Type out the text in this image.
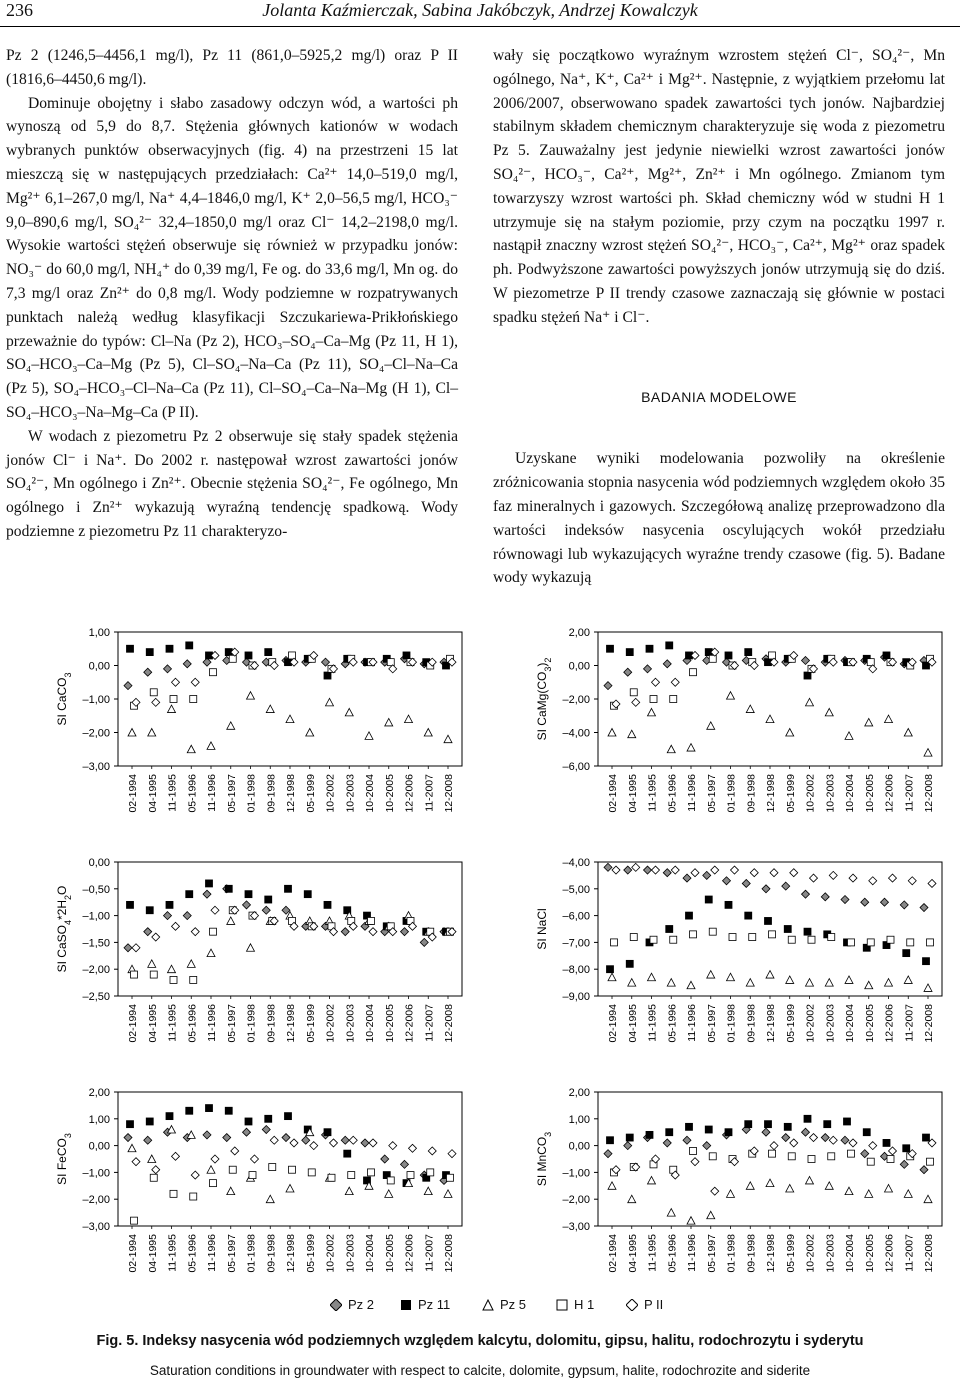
236	Jolanta Kaźmierczak, Sabina Jakóbczyk, Andrzej Kowalczyk

Pz 2 (1246,5–4456,1 mg/l), Pz 11 (861,0–5925,2 mg/l) oraz P II (1816,6–4450,6 mg/l).

Dominuje obojętny i słabo zasadowy odczyn wód, a wartości ph wynoszą od 5,9 do 8,7. Stężenia głównych kationów w wodach wybranych punktów obserwacyjnych (fig. 4) na przestrzeni 15 lat mieszczą się w następujących przedziałach: Ca²⁺ 14,0–519,0 mg/l, Mg²⁺ 6,1–267,0 mg/l, Na⁺ 4,4–1846,0 mg/l, K⁺ 2,0–56,5 mg/l, HCO₃⁻ 9,0–890,6 mg/l, SO₄²⁻ 32,4–1850,0 mg/l oraz Cl⁻ 14,2–2198,0 mg/l. Wysokie wartości stężeń obserwuje się również w przypadku jonów: NO₃⁻ do 60,0 mg/l, NH₄⁺ do 0,39 mg/l, Fe og. do 33,6 mg/l, Mn og. do 7,3 mg/l oraz Zn²⁺ do 0,8 mg/l. Wody podziemne w rozpatrywanych punktach należą według klasyfikacji Szczukariewa-Prikłońskiego przeważnie do typów: Cl–Na (Pz 2), HCO₃–SO₄–Ca–Mg (Pz 11, H 1), SO₄–HCO₃–Ca–Mg (Pz 5), Cl–SO₄–Na–Ca (Pz 11), SO₄–Cl–Na–Ca (Pz 5), SO₄–HCO₃–Cl–Na–Ca (Pz 11), Cl–SO₄–Ca–Na–Mg (H 1), Cl–SO₄–HCO₃–Na–Mg–Ca (P II).

W wodach z piezometru Pz 2 obserwuje się stały spadek stężenia jonów Cl⁻ i Na⁺. Do 2002 r. następował wzrost zawartości jonów SO₄²⁻, Mn ogólnego i Zn²⁺. Obecnie stężenia SO₄²⁻, Fe ogólnego, Mn ogólnego i Zn²⁺ wykazują wyraźną tendencję spadkową. Wody podziemne z piezometru Pz 11 charakteryzo-

wały się początkowo wyraźnym wzrostem stężeń Cl⁻, SO₄²⁻, Mn ogólnego, Na⁺, K⁺, Ca²⁺ i Mg²⁺. Następnie, z wyjątkiem przełomu lat 2006/2007, obserwowano spadek zawartości tych jonów. Najbardziej stabilnym składem chemicznym charakteryzuje się woda z piezometru Pz 5. Zauważalny jest jedynie niewielki wzrost zawartości jonów SO₄²⁻, HCO₃⁻, Ca²⁺, Mg²⁺, Zn²⁺ i Mn ogólnego. Zmianom tym towarzyszy wzrost wartości ph. Skład chemiczny wód w studni H 1 utrzymuje się na stałym poziomie, przy czym na początku 1997 r. nastąpił znaczny wzrost stężeń SO₄²⁻, HCO₃⁻, Ca²⁺, Mg²⁺ oraz spadek ph. Podwyższone zawartości powyższych jonów utrzymują się do dziś. W piezometrze P II trendy czasowe zaznaczają się głównie w postaci spadku stężeń Na⁺ i Cl⁻.

BADANIA MODELOWE

Uzyskane wyniki modelowania pozwoliły na określenie zróżnicowania stopnia nasycenia wód podziemnych względem około 35 faz mineralnych i gazowych. Szczegółową analizę przeprowadzono dla wartości indeksów nasycenia oscylujących wokół przedziału równowagi lub wykazujących wyraźne trendy czasowe (fig. 5). Badane wody wykazują

1,00
0,00
–1,00
–2,00
–3,00
SI CaCO$_3$
02-1994 04-1995 11-1995 05-1996 11-1996 05-1997 01-1998 09-1998 12-1998 05-1999 10-2002 10-2003 10-2004 10-2005 12-2006 11-2007 12-2008
2,00
0,00
–2,00
–4,00
–6,00
SI $CaMg(CO_3)_2$
02-1994 04-1995 11-1995 05-1996 11-1996 05-1997 01-1998 09-1998 12-1998 05-1999 10-2002 10-2003 10-2004 10-2005 12-2006 11-2007 12-2008
0,00
–0,50
–1,00
–1,50
–2,00
–2,50
SI $CaSO_4*2H_2O$
02-1994 04-1995 11-1995 05-1996 11-1996 05-1997 01-1998 09-1998 12-1998 05-1999 10-2002 10-2003 10-2004 10-2005 12-2006 11-2007 12-2008
–4,00
–5,00
–6,00
–7,00
–8,00
–9,00
SI NaCl
02-1994 04-1995 11-1995 05-1996 11-1996 05-1997 01-1998 09-1998 12-1998 05-1999 10-2002 10-2003 10-2004 10-2005 12-2006 11-2007 12-2008
2,00
1,00
0,00
–1,00
–2,00
–3,00
SI FeCO$_3$
02-1994 04-1995 11-1995 05-1996 11-1996 05-1997 01-1998 09-1998 12-1998 05-1999 10-2002 10-2003 10-2004 10-2005 12-2006 11-2007 12-2008
2,00
1,00
0,00
–1,00
–2,00
–3,00
SI MnCO$_3$
02-1994 04-1995 11-1995 05-1996 11-1996 05-1997 01-1998 09-1998 12-1998 05-1999 10-2002 10-2003 10-2004 10-2005 12-2006 11-2007 12-2008
Pz 2	Pz 11	Pz 5	H 1	P II
Fig. 5. Indeksy nasycenia wód podziemnych względem kalcytu, dolomitu, gipsu, halitu, rodochrozytu i syderytu
Saturation conditions in groundwater with respect to calcite, dolomite, gypsum, halite, rodochrozite and siderite
